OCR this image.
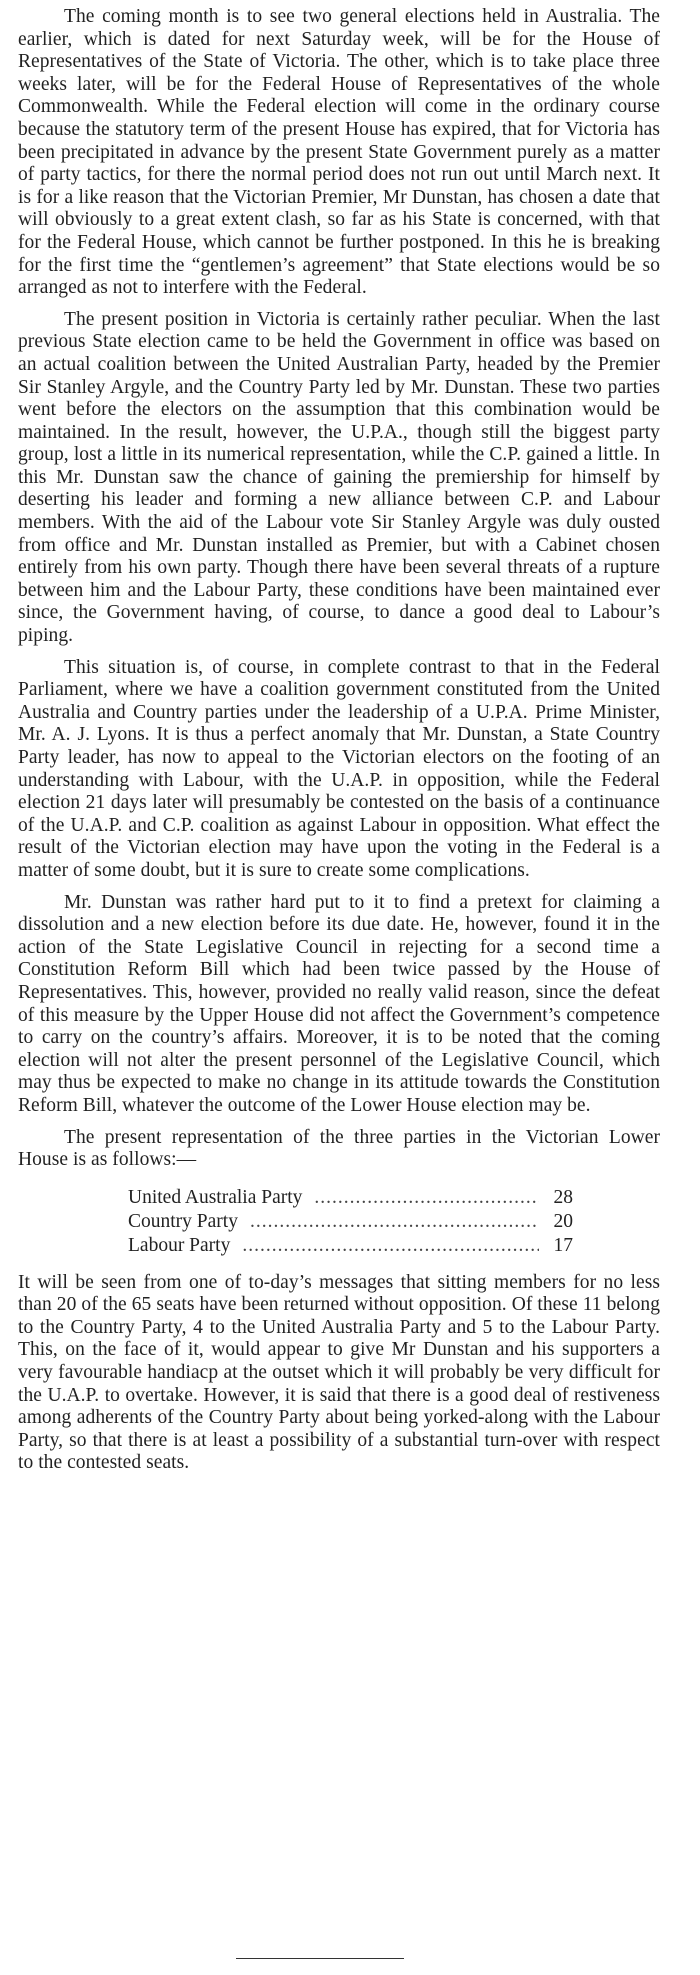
The coming month is to see two general elections held in Australia. The earlier, which is dated for next Saturday week, will be for the House of Representatives of the State of Victoria. The other, which is to take place three weeks later, will be for the Federal House of Representatives of the whole Commonwealth. While the Federal election will come in the ordinary course because the statutory term of the present House has expired, that for Victoria has been precipitated in advance by the present State Government purely as a matter of party tactics, for there the normal period does not run out until March next. It is for a like reason that the Victorian Premier, Mr Dunstan, has chosen a date that will obviously to a great extent clash, so far as his State is concerned, with that for the Federal House, which cannot be further postponed. In this he is breaking for the first time the “gentlemen’s agreement” that State elections would be so arranged as not to interfere with the Federal.

The present position in Victoria is certainly rather peculiar. When the last previous State election came to be held the Government in office was based on an actual coalition between the United Australian Party, headed by the Premier Sir Stanley Argyle, and the Country Party led by Mr. Dunstan. These two parties went before the electors on the assumption that this combination would be maintained. In the result, however, the U.P.A., though still the biggest party group, lost a little in its numerical representation, while the C.P. gained a little. In this Mr. Dunstan saw the chance of gaining the premiership for himself by deserting his leader and forming a new alliance between C.P. and Labour members. With the aid of the Labour vote Sir Stanley Argyle was duly ousted from office and Mr. Dunstan installed as Premier, but with a Cabinet chosen entirely from his own party. Though there have been several threats of a rupture between him and the Labour Party, these conditions have been maintained ever since, the Government having, of course, to dance a good deal to Labour’s piping.

This situation is, of course, in complete contrast to that in the Federal Parliament, where we have a coalition government constituted from the United Australia and Country parties under the leadership of a U.P.A. Prime Minister, Mr. A. J. Lyons. It is thus a perfect anomaly that Mr. Dunstan, a State Country Party leader, has now to appeal to the Victorian electors on the footing of an understanding with Labour, with the U.A.P. in opposition, while the Federal election 21 days later will presumably be contested on the basis of a continuance of the U.A.P. and C.P. coalition as against Labour in opposition. What effect the result of the Victorian election may have upon the voting in the Federal is a matter of some doubt, but it is sure to create some complications.

Mr. Dunstan was rather hard put to it to find a pretext for claiming a dissolution and a new election before its due date. He, however, found it in the action of the State Legislative Council in rejecting for a second time a Constitution Reform Bill which had been twice passed by the House of Representatives. This, however, provided no really valid reason, since the defeat of this measure by the Upper House did not affect the Government’s competence to carry on the country’s affairs. Moreover, it is to be noted that the coming election will not alter the present personnel of the Legislative Council, which may thus be expected to make no change in its attitude towards the Constitution Reform Bill, whatever the outcome of the Lower House election may be.

The present representation of the three parties in the Victorian Lower House is as follows:—

United Australia Party .....	28
Country Party .....	20
Labour Party .....	17

It will be seen from one of to-day’s messages that sitting members for no less than 20 of the 65 seats have been returned without opposition. Of these 11 belong to the Country Party, 4 to the United Australia Party and 5 to the Labour Party. This, on the face of it, would appear to give Mr Dunstan and his supporters a very favourable handiacp at the outset which it will probably be very difficult for the U.A.P. to overtake. However, it is said that there is a good deal of restiveness among adherents of the Country Party about being yorked-along with the Labour Party, so that there is at least a possibility of a substantial turn-over with respect to the contested seats.
